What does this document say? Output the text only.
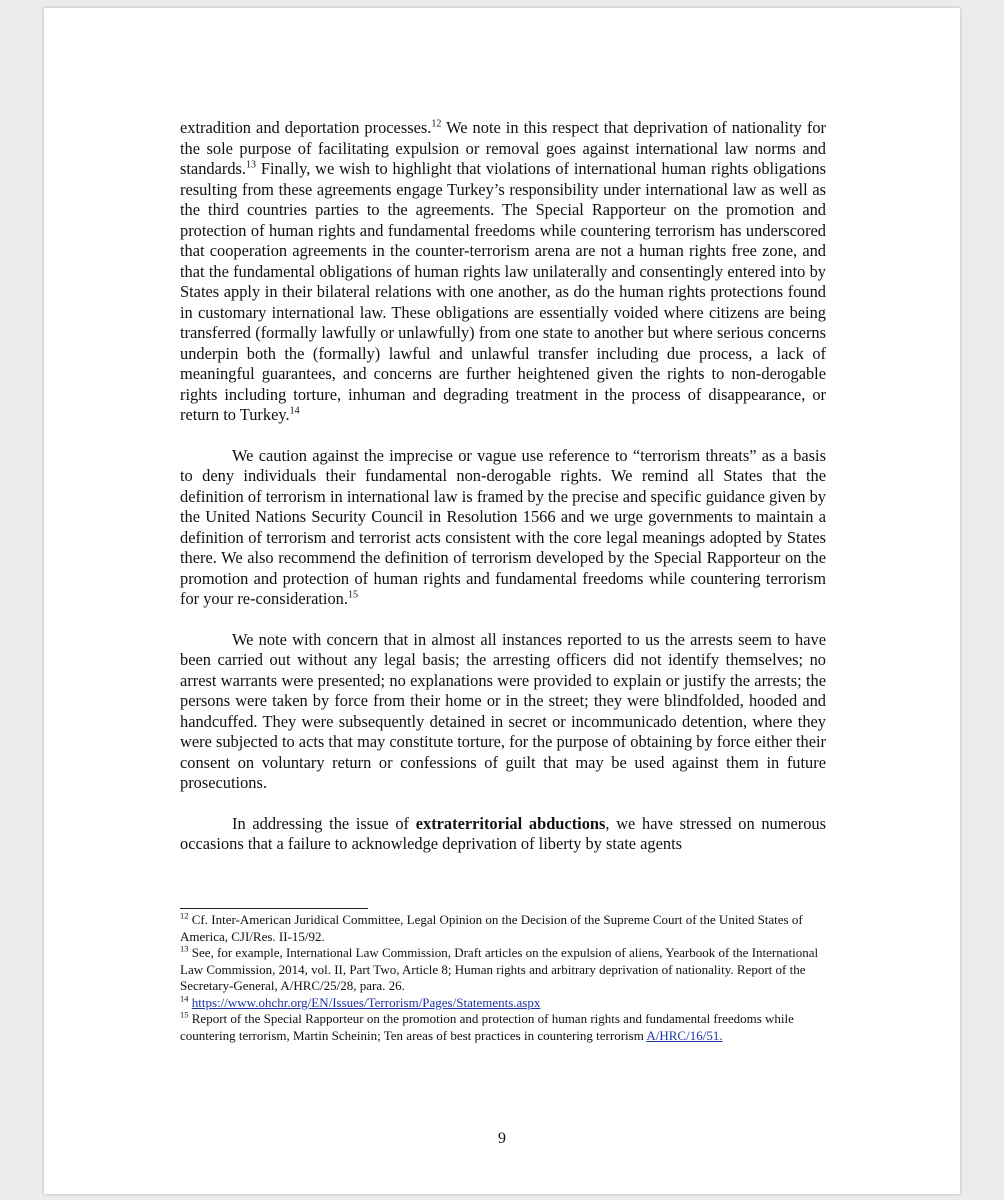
extradition and deportation processes.$^{12}$ We note in this respect that deprivation of nationality for the sole purpose of facilitating expulsion or removal goes against international law norms and standards.$^{13}$ Finally, we wish to highlight that violations of international human rights obligations resulting from these agreements engage Turkey’s responsibility under international law as well as the third countries parties to the agreements. The Special Rapporteur on the promotion and protection of human rights and fundamental freedoms while countering terrorism has underscored that cooperation agreements in the counter-terrorism arena are not a human rights free zone, and that the fundamental obligations of human rights law unilaterally and consentingly entered into by States apply in their bilateral relations with one another, as do the human rights protections found in customary international law. These obligations are essentially voided where citizens are being transferred (formally lawfully or unlawfully) from one state to another but where serious concerns underpin both the (formally) lawful and unlawful transfer including due process, a lack of meaningful guarantees, and concerns are further heightened given the rights to non-derogable rights including torture, inhuman and degrading treatment in the process of disappearance, or return to Turkey.$^{14}$

We caution against the imprecise or vague use reference to “terrorism threats” as a basis to deny individuals their fundamental non-derogable rights. We remind all States that the definition of terrorism in international law is framed by the precise and specific guidance given by the United Nations Security Council in Resolution 1566 and we urge governments to maintain a definition of terrorism and terrorist acts consistent with the core legal meanings adopted by States there. We also recommend the definition of terrorism developed by the Special Rapporteur on the promotion and protection of human rights and fundamental freedoms while countering terrorism for your re-consideration.$^{15}$

We note with concern that in almost all instances reported to us the arrests seem to have been carried out without any legal basis; the arresting officers did not identify themselves; no arrest warrants were presented; no explanations were provided to explain or justify the arrests; the persons were taken by force from their home or in the street; they were blindfolded, hooded and handcuffed. They were subsequently detained in secret or incommunicado detention, where they were subjected to acts that may constitute torture, for the purpose of obtaining by force either their consent on voluntary return or confessions of guilt that may be used against them in future prosecutions.

In addressing the issue of extraterritorial abductions, we have stressed on numerous occasions that a failure to acknowledge deprivation of liberty by state agents

$^{12}$ Cf. Inter-American Juridical Committee, Legal Opinion on the Decision of the Supreme Court of the United States of America, CJI/Res. II-15/92.

$^{13}$ See, for example, International Law Commission, Draft articles on the expulsion of aliens, Yearbook of the International Law Commission, 2014, vol. II, Part Two, Article 8; Human rights and arbitrary deprivation of nationality. Report of the Secretary-General, A/HRC/25/28, para. 26.

$^{14}$ https://www.ohchr.org/EN/Issues/Terrorism/Pages/Statements.aspx

$^{15}$ Report of the Special Rapporteur on the promotion and protection of human rights and fundamental freedoms while countering terrorism, Martin Scheinin; Ten areas of best practices in countering terrorism A/HRC/16/51.

9
